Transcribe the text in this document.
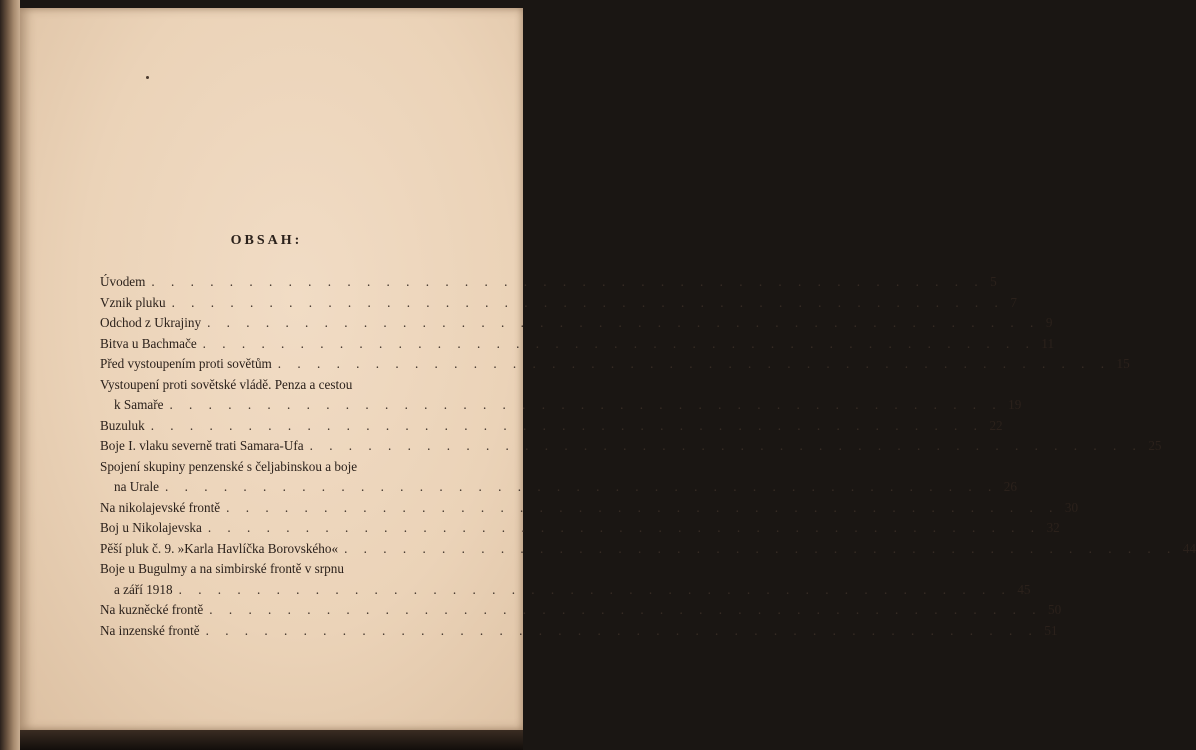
OBSAH:
Úvodem . . . . . . . . . . . . . . . . . . . . . . . . . . . . . . . . . . . . . . . . . . . 5
Vznik pluku . . . . . . . . . . . . . . . . . . . . . . . . . . . . . . . . . . . . . . . . . . . 7
Odchod z Ukrajiny . . . . . . . . . . . . . . . . . . . . . . . . . . . . . . . . . . . . . . . . . . . 9
Bitva u Bachmače . . . . . . . . . . . . . . . . . . . . . . . . . . . . . . . . . . . . . . . . . . . 11
Před vystoupením proti sovětům . . . . . . . . . . . . . . . . . . . . . . . . . . . . . . . . . . . . . . . . . . . 15
Vystoupení proti sovětské vládě. Penza a cestou
k Samaře . . . . . . . . . . . . . . . . . . . . . . . . . . . . . . . . . . . . . . . . . . . 19
Buzuluk . . . . . . . . . . . . . . . . . . . . . . . . . . . . . . . . . . . . . . . . . . . 22
Boje I. vlaku severně trati Samara-Ufa . . . . . . . . . . . . . . . . . . . . . . . . . . . . . . . . . . . . . . . . . . . 25
Spojení skupiny penzenské s čeljabinskou a boje
na Urale . . . . . . . . . . . . . . . . . . . . . . . . . . . . . . . . . . . . . . . . . . . 26
Na nikolajevské frontě . . . . . . . . . . . . . . . . . . . . . . . . . . . . . . . . . . . . . . . . . . . 30
Boj u Nikolajevska . . . . . . . . . . . . . . . . . . . . . . . . . . . . . . . . . . . . . . . . . . . 32
Pěší pluk č. 9. »Karla Havlíčka Borovského« . . . . . . . . . . . . . . . . . . . . . . . . . . . . . . . . . . . . . . . . . . . 44
Boje u Bugulmy a na simbirské frontě v srpnu
a září 1918 . . . . . . . . . . . . . . . . . . . . . . . . . . . . . . . . . . . . . . . . . . . 45
Na kuzněcké frontě . . . . . . . . . . . . . . . . . . . . . . . . . . . . . . . . . . . . . . . . . . . 50
Na inzenské frontě . . . . . . . . . . . . . . . . . . . . . . . . . . . . . . . . . . . . . . . . . . . 51
